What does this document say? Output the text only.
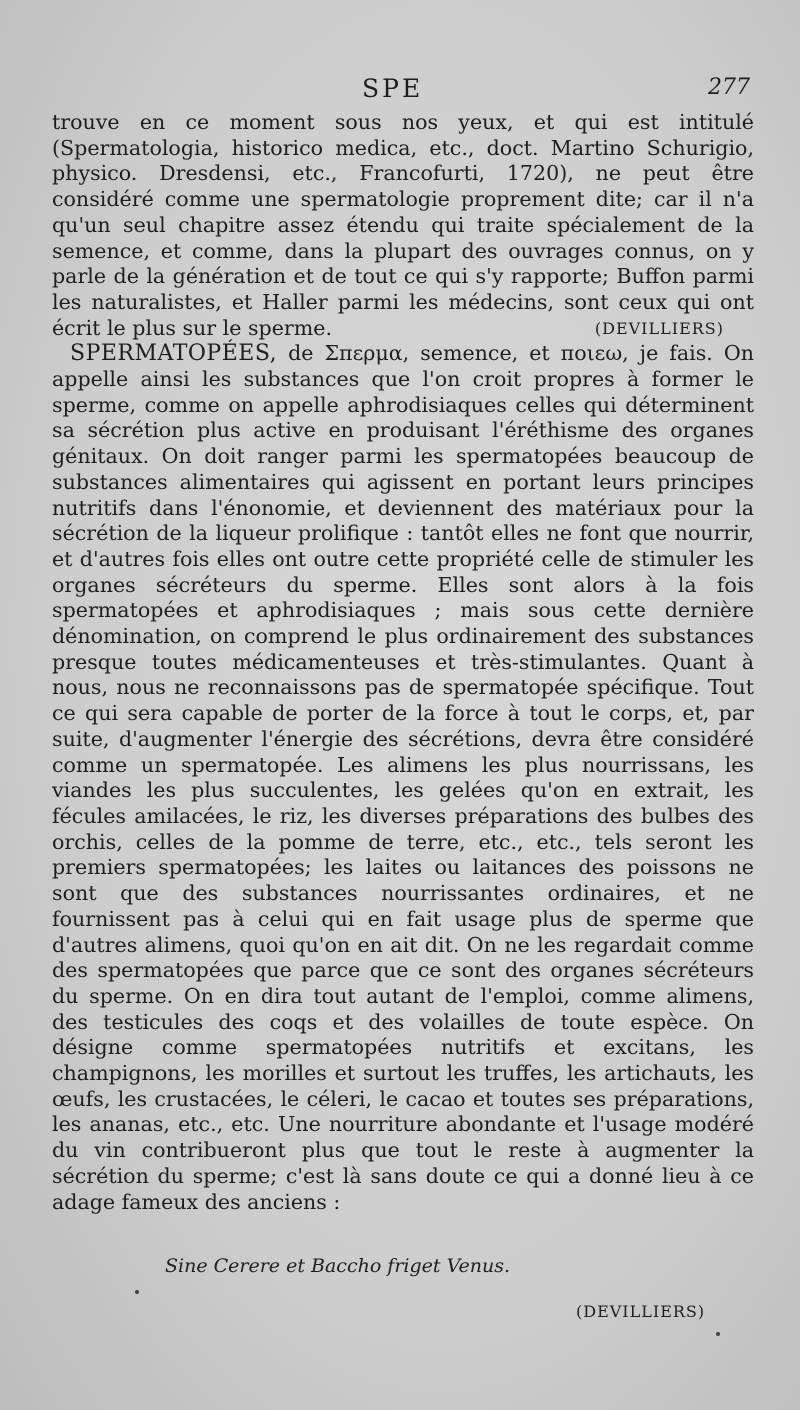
SPE	277

trouve en ce moment sous nos yeux, et qui est intitulé (Spermatologia, historico medica, etc., doct. Martino Schurigio, physico. Dresdensi, etc., Francofurti, 1720), ne peut être considéré comme une spermatologie proprement dite; car il n'a qu'un seul chapitre assez étendu qui traite spécialement de la semence, et comme, dans la plupart des ouvrages connus, on y parle de la génération et de tout ce qui s'y rapporte; Buffon parmi les naturalistes, et Haller parmi les médecins, sont ceux qui ont écrit le plus sur le sperme.	(DEVILLIERS)

SPERMATOPÉES, de Σπερμα, semence, et ποιεω, je fais. On appelle ainsi les substances que l'on croit propres à former le sperme, comme on appelle aphrodisiaques celles qui déterminent sa sécrétion plus active en produisant l'éréthisme des organes génitaux. On doit ranger parmi les spermatopées beaucoup de substances alimentaires qui agissent en portant leurs principes nutritifs dans l'énonomie, et deviennent des matériaux pour la sécrétion de la liqueur prolifique : tantôt elles ne font que nourrir, et d'autres fois elles ont outre cette propriété celle de stimuler les organes sécréteurs du sperme. Elles sont alors à la fois spermatopées et aphrodisiaques ; mais sous cette dernière dénomination, on comprend le plus ordinairement des substances presque toutes médicamenteuses et très-stimulantes. Quant à nous, nous ne reconnaissons pas de spermatopée spécifique. Tout ce qui sera capable de porter de la force à tout le corps, et, par suite, d'augmenter l'énergie des sécrétions, devra être considéré comme un spermatopée. Les alimens les plus nourrissans, les viandes les plus succulentes, les gelées qu'on en extrait, les fécules amilacées, le riz, les diverses préparations des bulbes des orchis, celles de la pomme de terre, etc., etc., tels seront les premiers spermatopées; les laites ou laitances des poissons ne sont que des substances nourrissantes ordinaires, et ne fournissent pas à celui qui en fait usage plus de sperme que d'autres alimens, quoi qu'on en ait dit. On ne les regardait comme des spermatopées que parce que ce sont des organes sécréteurs du sperme. On en dira tout autant de l'emploi, comme alimens, des testicules des coqs et des volailles de toute espèce. On désigne comme spermatopées nutritifs et excitans, les champignons, les morilles et surtout les truffes, les artichauts, les œufs, les crustacées, le céleri, le cacao et toutes ses préparations, les ananas, etc., etc. Une nourriture abondante et l'usage modéré du vin contribueront plus que tout le reste à augmenter la sécrétion du sperme; c'est là sans doute ce qui a donné lieu à ce adage fameux des anciens :

Sine Cerere et Baccho friget Venus.
(DEVILLIERS)
